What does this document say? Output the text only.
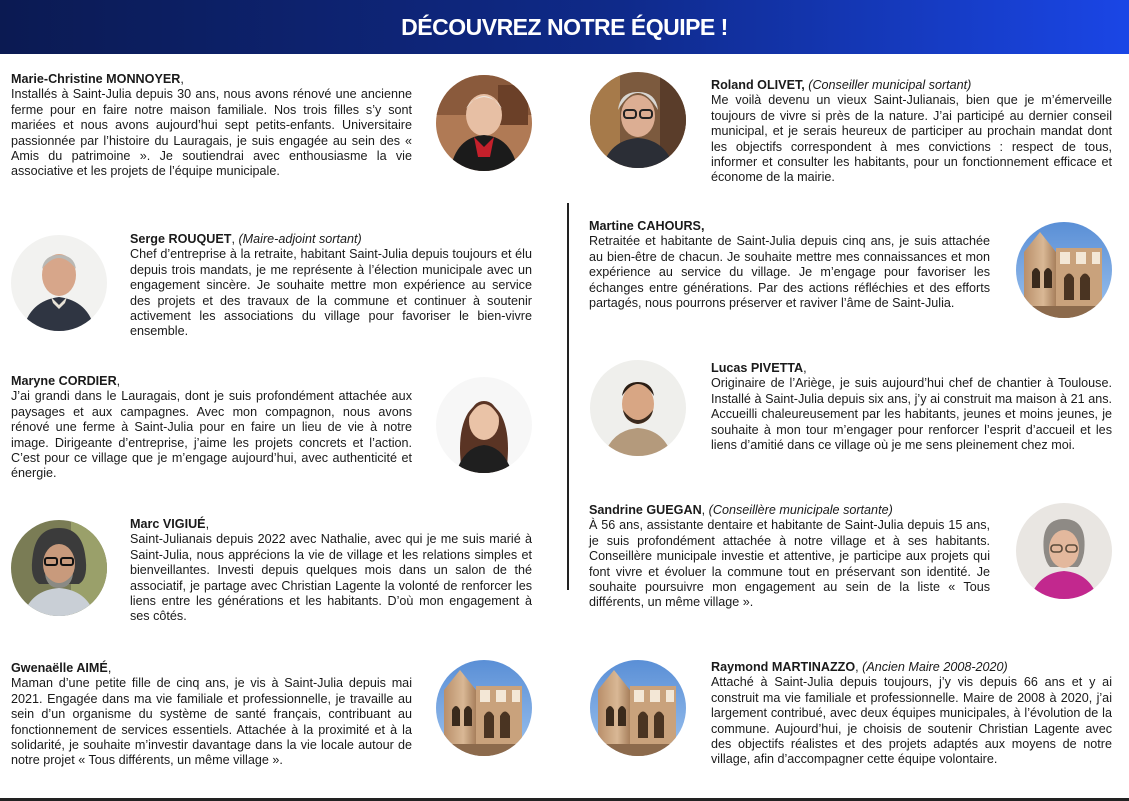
DÉCOUVREZ NOTRE ÉQUIPE !
Marie-Christine MONNOYER,
Installés à Saint-Julia depuis 30 ans, nous avons rénové une ancienne ferme pour en faire notre maison familiale. Nos trois filles s’y sont mariées et nous avons aujourd’hui sept petits-enfants. Universitaire passionnée par l’histoire du Lauragais, je suis engagée au sein des « Amis du patrimoine ». Je soutiendrai avec enthousiasme la vie associative et les projets de l’équipe municipale.
Serge ROUQUET, (Maire-adjoint sortant)
Chef d’entreprise à la retraite, habitant Saint-Julia depuis toujours et élu depuis trois mandats, je me représente à l’élection municipale avec un engagement sincère. Je souhaite mettre mon expérience au service des projets et des travaux de la commune et continuer à soutenir activement les associations du village pour favoriser le bien-vivre ensemble.
Maryne CORDIER,
J’ai grandi dans le Lauragais, dont je suis profondément attachée aux paysages et aux campagnes. Avec mon compagnon, nous avons rénové une ferme à Saint-Julia pour en faire un lieu de vie à notre image. Dirigeante d’entreprise, j’aime les projets concrets et l’action. C’est pour ce village que je m’engage aujourd’hui, avec authenticité et énergie.
Marc VIGIUÉ,
Saint-Julianais depuis 2022 avec Nathalie, avec qui je me suis marié à Saint-Julia, nous apprécions la vie de village et les relations simples et bienveillantes. Investi depuis quelques mois dans un salon de thé associatif, je partage avec Christian Lagente la volonté de renforcer les liens entre les générations et les habitants. D’où mon engagement à ses côtés.
Gwenaëlle AIMÉ,
Maman d’une petite fille de cinq ans, je vis à Saint-Julia depuis mai 2021. Engagée dans ma vie familiale et professionnelle, je travaille au sein d’un organisme du système de santé français, contribuant au fonctionnement de services essentiels. Attachée à la proximité et à la solidarité, je souhaite m’investir davantage dans la vie locale autour de notre projet « Tous différents, un même village ».
Roland OLIVET, (Conseiller municipal sortant)
Me voilà devenu un vieux Saint-Julianais, bien que je m’émerveille toujours de vivre si près de la nature. J’ai participé au dernier conseil municipal, et je serais heureux de participer au prochain mandat dont les objectifs correspondent à mes convictions : respect de tous, informer et consulter les habitants, pour un fonctionnement efficace et économe de la mairie.
Martine CAHOURS,
Retraitée et habitante de Saint-Julia depuis cinq ans, je suis attachée au bien-être de chacun. Je souhaite mettre mes connaissances et mon expérience au service du village. Je m’engage pour favoriser les échanges entre générations. Par des actions réfléchies et des efforts partagés, nous pourrons préserver et raviver l’âme de Saint-Julia.
Lucas PIVETTA,
Originaire de l’Ariège, je suis aujourd’hui chef de chantier à Toulouse. Installé à Saint-Julia depuis six ans, j’y ai construit ma maison à 21 ans. Accueilli chaleureusement par les habitants, jeunes et moins jeunes, je souhaite à mon tour m’engager pour renforcer l’esprit d’accueil et les liens d’amitié dans ce village où je me sens pleinement chez moi.
Sandrine GUEGAN, (Conseillère municipale sortante)
À 56 ans, assistante dentaire et habitante de Saint-Julia depuis 15 ans, je suis profondément attachée à notre village et à ses habitants. Conseillère municipale investie et attentive, je participe aux projets qui font vivre et évoluer la commune tout en préservant son identité. Je souhaite poursuivre mon engagement au sein de la liste « Tous différents, un même village ».
Raymond MARTINAZZO, (Ancien Maire 2008-2020)
Attaché à Saint-Julia depuis toujours, j’y vis depuis 66 ans et y ai construit ma vie familiale et professionnelle. Maire de 2008 à 2020, j’ai largement contribué, avec deux équipes municipales, à l’évolution de la commune. Aujourd’hui, je choisis de soutenir Christian Lagente avec des objectifs réalistes et des projets adaptés aux moyens de notre village, afin d’accompagner cette équipe volontaire.
